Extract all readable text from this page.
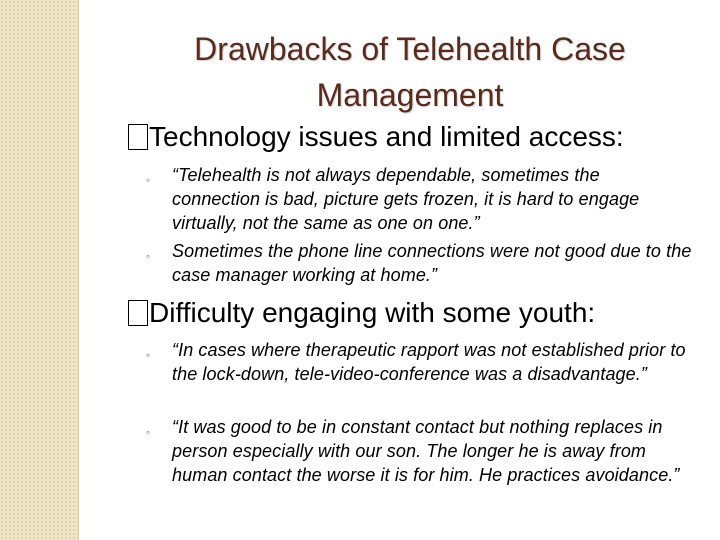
Drawbacks of Telehealth Case
Management
Technology issues and limited access:
◦ “Telehealth is not always dependable, sometimes the connection is bad, picture gets frozen, it is hard to engage virtually, not the same as one on one.”
◦ Sometimes the phone line connections were not good due to the case manager working at home.”
Difficulty engaging with some youth:
◦ “In cases where therapeutic rapport was not established prior to the lock-down, tele-video-conference was a disadvantage.”
◦ “It was good to be in constant contact but nothing replaces in person especially with our son. The longer he is away from human contact the worse it is for him. He practices avoidance.”
